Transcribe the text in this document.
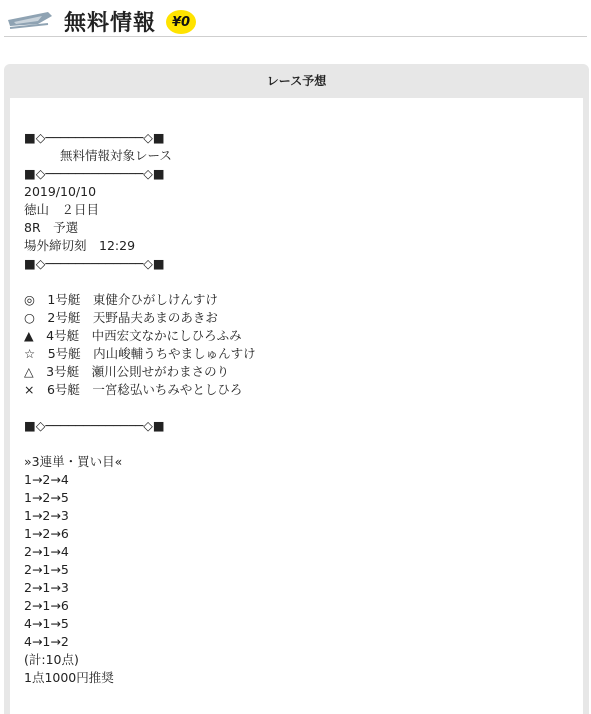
無料情報	¥0
レース予想
■◇─────────────◇■
無料情報対象レース
■◇─────────────◇■
2019/10/10
徳山　２日目
8R　予選
場外締切刻　12:29
■◇─────────────◇■
◎　1号艇　東健介ひがしけんすけ
○　2号艇　天野晶夫あまのあきお
▲　4号艇　中西宏文なかにしひろふみ
☆　5号艇　内山峻輔うちやましゅんすけ
△　3号艇　瀬川公則せがわまさのり
×　6号艇　一宮稔弘いちみやとしひろ
■◇─────────────◇■
»3連単・買い目«
1→2→4
1→2→5
1→2→3
1→2→6
2→1→4
2→1→5
2→1→3
2→1→6
4→1→5
4→1→2
(計:10点)
1点1000円推奨
